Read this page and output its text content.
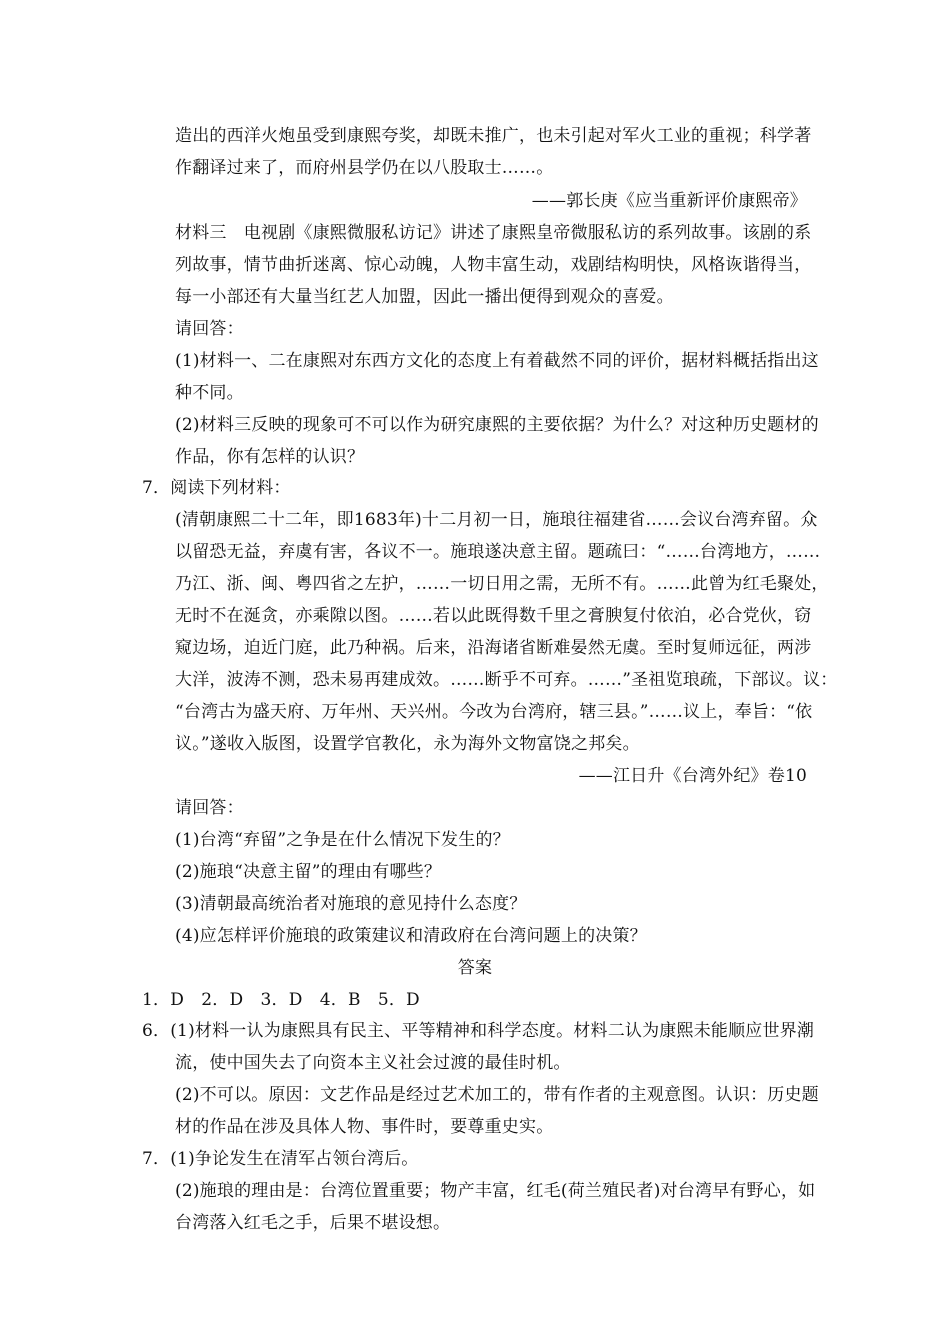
造出的西洋火炮虽受到康熙夸奖，却既未推广，也未引起对军火工业的重视；科学著
作翻译过来了，而府州县学仍在以八股取士……。
——郭长庚《应当重新评价康熙帝》
材料三　电视剧《康熙微服私访记》讲述了康熙皇帝微服私访的系列故事。该剧的系
列故事，情节曲折迷离、惊心动魄，人物丰富生动，戏剧结构明快，风格诙谐得当，
每一小部还有大量当红艺人加盟，因此一播出便得到观众的喜爱。
请回答：
(1)材料一、二在康熙对东西方文化的态度上有着截然不同的评价，据材料概括指出这
种不同。
(2)材料三反映的现象可不可以作为研究康熙的主要依据？为什么？对这种历史题材的
作品，你有怎样的认识？
7．阅读下列材料：
(清朝康熙二十二年，即1683年)十二月初一日，施琅往福建省……会议台湾弃留。众
以留恐无益，弃虞有害，各议不一。施琅遂决意主留。题疏曰：“……台湾地方，……
乃江、浙、闽、粤四省之左护，……一切日用之需，无所不有。……此曾为红毛聚处，
无时不在涎贪，亦乘隙以图。……若以此既得数千里之膏腴复付依泊，必合党伙，窃
窥边场，迫近门庭，此乃种祸。后来，沿海诸省断难晏然无虞。至时复师远征，两涉
大洋，波涛不测，恐未易再建成效。……断乎不可弃。……”圣祖览琅疏，下部议。议：
“台湾古为盛天府、万年州、天兴州。今改为台湾府，辖三县。”……议上，奉旨：“依
议。”遂收入版图，设置学官教化，永为海外文物富饶之邦矣。
——江日升《台湾外纪》卷10
请回答：
(1)台湾“弃留”之争是在什么情况下发生的？
(2)施琅“决意主留”的理由有哪些？
(3)清朝最高统治者对施琅的意见持什么态度？
(4)应怎样评价施琅的政策建议和清政府在台湾问题上的决策？
答案
1．D　2．D　3．D　4．B　5．D
6．(1)材料一认为康熙具有民主、平等精神和科学态度。材料二认为康熙未能顺应世界潮
流，使中国失去了向资本主义社会过渡的最佳时机。
(2)不可以。原因：文艺作品是经过艺术加工的，带有作者的主观意图。认识：历史题
材的作品在涉及具体人物、事件时，要尊重史实。
7．(1)争论发生在清军占领台湾后。
(2)施琅的理由是：台湾位置重要；物产丰富，红毛(荷兰殖民者)对台湾早有野心，如
台湾落入红毛之手，后果不堪设想。
